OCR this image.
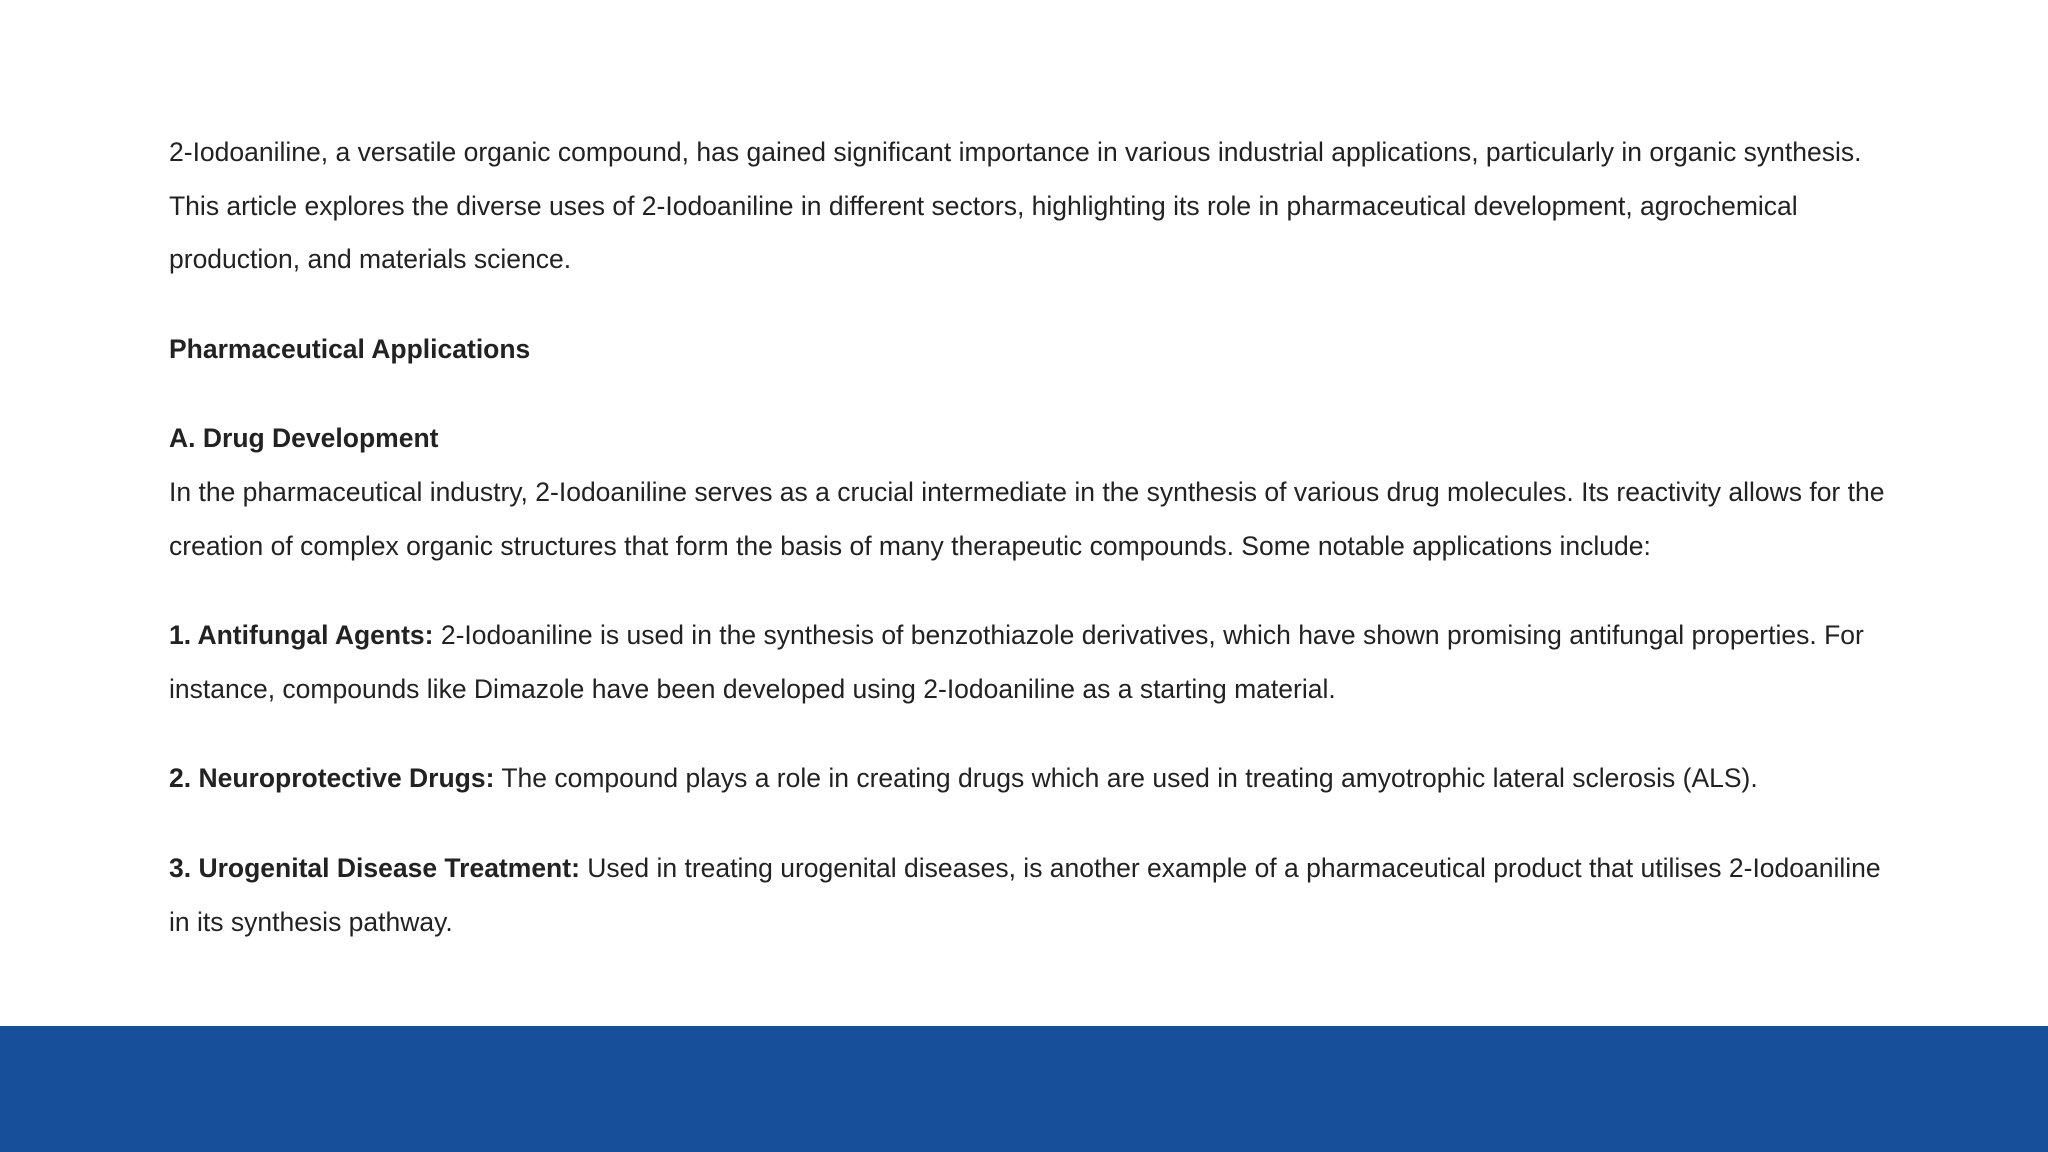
2-Iodoaniline, a versatile organic compound, has gained significant importance in various industrial applications, particularly in organic synthesis. This article explores the diverse uses of 2-Iodoaniline in different sectors, highlighting its role in pharmaceutical development, agrochemical production, and materials science.

Pharmaceutical Applications

A. Drug Development

In the pharmaceutical industry, 2-Iodoaniline serves as a crucial intermediate in the synthesis of various drug molecules. Its reactivity allows for the creation of complex organic structures that form the basis of many therapeutic compounds. Some notable applications include:

1. Antifungal Agents: 2-Iodoaniline is used in the synthesis of benzothiazole derivatives, which have shown promising antifungal properties. For instance, compounds like Dimazole have been developed using 2-Iodoaniline as a starting material.

2. Neuroprotective Drugs: The compound plays a role in creating drugs which are used in treating amyotrophic lateral sclerosis (ALS).

3. Urogenital Disease Treatment: Used in treating urogenital diseases, is another example of a pharmaceutical product that utilises 2-Iodoaniline in its synthesis pathway.
